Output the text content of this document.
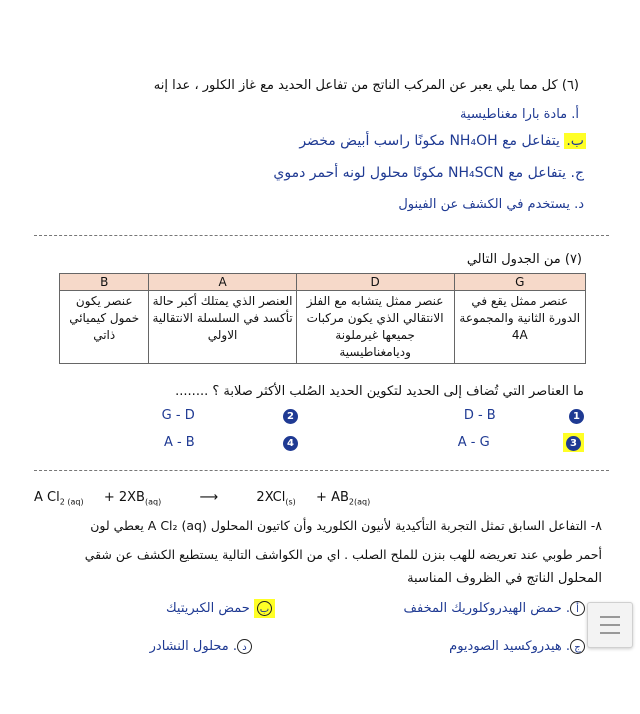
(٦) كل مما يلي يعبر عن المركب الناتج من تفاعل الحديد مع غاز الكلور ، عدا إنه
أ. مادة بارا مغناطيسية
ب. يتفاعل مع NH₄OH مكونًا راسب أبيض مخضر
ج. يتفاعل مع NH₄SCN مكونًا محلول لونه أحمر دموي
د. يستخدم في الكشف عن الفينول
(٧) من الجدول التالي
G	D	A	B
عنصر ممثل يقع في الدورة الثانية والمجموعة 4A	عنصر ممثل يتشابه مع الفلز الانتقالي الذي يكون مركبات جميعها غيرملونة وديامغناطيسية	العنصر الذي يمتلك أكبر حالة تأكسد في السلسلة الانتقالية الاولي	عنصر يكون خمول كيميائي ذاتي
ما العناصر التي تُضاف إلى الحديد لتكوين الحديد الصُلب الأكثر صلابة ؟ ........
1  D - B
2  G - D
3  A - G
4  A - B
A $Cl_{2 (aq)} + 2XB_{(aq)}$	⟶	$2XCl_{(s)} + AB_{2(aq)}$
٨- التفاعل السابق تمثل التجربة التأكيدية لأنيون الكلوريد وأن كاتيون المحلول A Cl₂ (aq) يعطي لون
أحمر طوبي عند تعريضه للهب بنزن للملح الصلب . اي من الكواشف التالية يستطيع الكشف عن شقي
المحلول الناتج في الظروف المناسبة
أ. حمض الهيدروكلوريك المخفف
ب حمض الكبريتيك
ج. هيدروكسيد الصوديوم
د. محلول النشادر
